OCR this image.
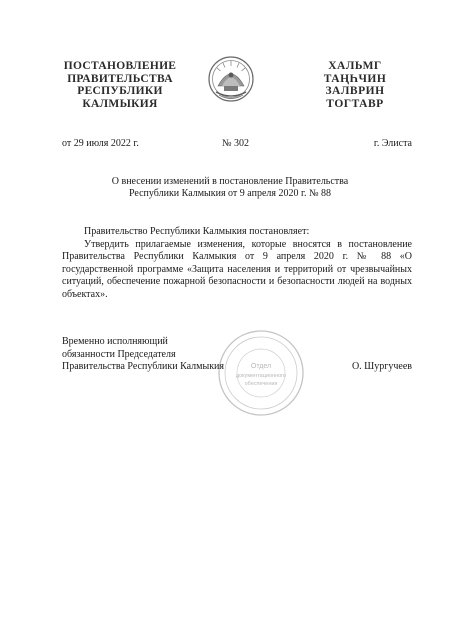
ПОСТАНОВЛЕНИЕ
ПРАВИТЕЛЬСТВА
РЕСПУБЛИКИ
КАЛМЫКИЯ
ХАЛЬМГ
ТАҢҺЧИН
ЗАЛВРИН
ТОГТАВР
от 29 июля 2022 г.	№ 302	г. Элиста
О внесении изменений в постановление Правительства
Республики Калмыкия от 9 апреля 2020 г. № 88

Правительство Республики Калмыкия постановляет:

Утвердить прилагаемые изменения, которые вносятся в постановление Правительства Республики Калмыкия от 9 апреля 2020 г. № 88 «О государственной программе «Защита населения и территорий от чрезвычайных ситуаций, обеспечение пожарной безопасности и безопасности людей на водных объектах».

Отдел
документационного
обеспечения
Временно исполняющий
обязанности Председателя
Правительства Республики Калмыкия	О. Шургучеев
